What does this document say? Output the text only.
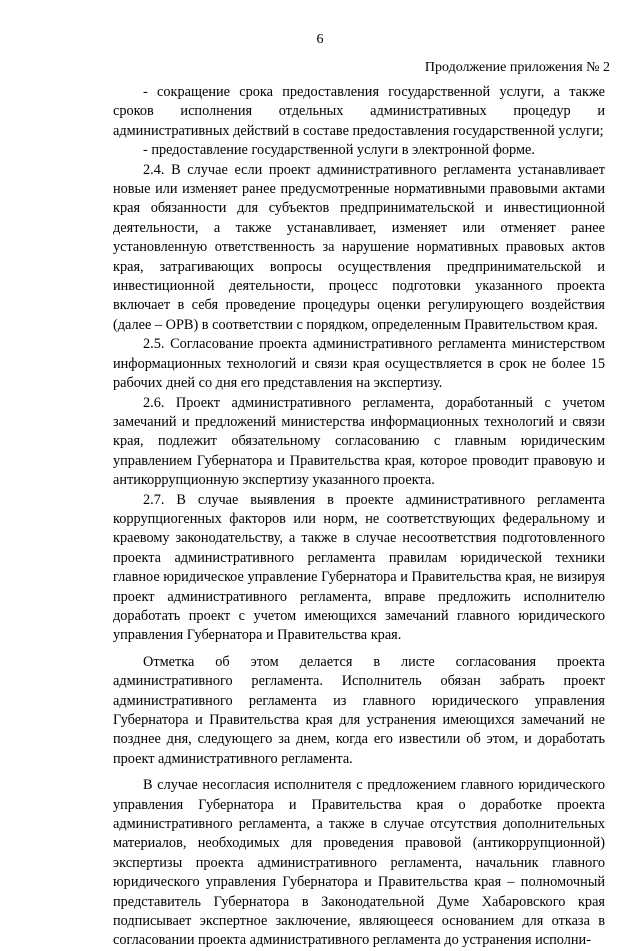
6
Продолжение приложения № 2

- сокращение срока предоставления государственной услуги, а также сроков исполнения отдельных административных процедур и административных действий в составе предоставления государственной услуги;

- предоставление государственной услуги в электронной форме.

2.4. В случае если проект административного регламента устанавливает новые или изменяет ранее предусмотренные нормативными правовыми актами края обязанности для субъектов предпринимательской и инвестиционной деятельности, а также устанавливает, изменяет или отменяет ранее установленную ответственность за нарушение нормативных правовых актов края, затрагивающих вопросы осуществления предпринимательской и инвестиционной деятельности, процесс подготовки указанного проекта включает в себя проведение процедуры оценки регулирующего воздействия (далее – ОРВ) в соответствии с порядком, определенным Правительством края.

2.5. Согласование проекта административного регламента министерством информационных технологий и связи края осуществляется в срок не более 15 рабочих дней со дня его представления на экспертизу.

2.6. Проект административного регламента, доработанный с учетом замечаний и предложений министерства информационных технологий и связи края, подлежит обязательному согласованию с главным юридическим управлением Губернатора и Правительства края, которое проводит правовую и антикоррупционную экспертизу указанного проекта.

2.7. В случае выявления в проекте административного регламента коррупциогенных факторов или норм, не соответствующих федеральному и краевому законодательству, а также в случае несоответствия подготовленного проекта административного регламента правилам юридической техники главное юридическое управление Губернатора и Правительства края, не визируя проект административного регламента, вправе предложить исполнителю доработать проект с учетом имеющихся замечаний главного юридического управления Губернатора и Правительства края.

Отметка об этом делается в листе согласования проекта административного регламента. Исполнитель обязан забрать проект административного регламента из главного юридического управления Губернатора и Правительства края для устранения имеющихся замечаний не позднее дня, следующего за днем, когда его известили об этом, и доработать проект административного регламента.

В случае несогласия исполнителя с предложением главного юридического управления Губернатора и Правительства края о доработке проекта административного регламента, а также в случае отсутствия дополнительных материалов, необходимых для проведения правовой (антикоррупционной) экспертизы проекта административного регламента, начальник главного юридического управления Губернатора и Правительства края – полномочный представитель Губернатора в Законодательной Думе Хабаровского края подписывает экспертное заключение, являющееся основанием для отказа в согласовании проекта административного регламента до устранения исполни-
